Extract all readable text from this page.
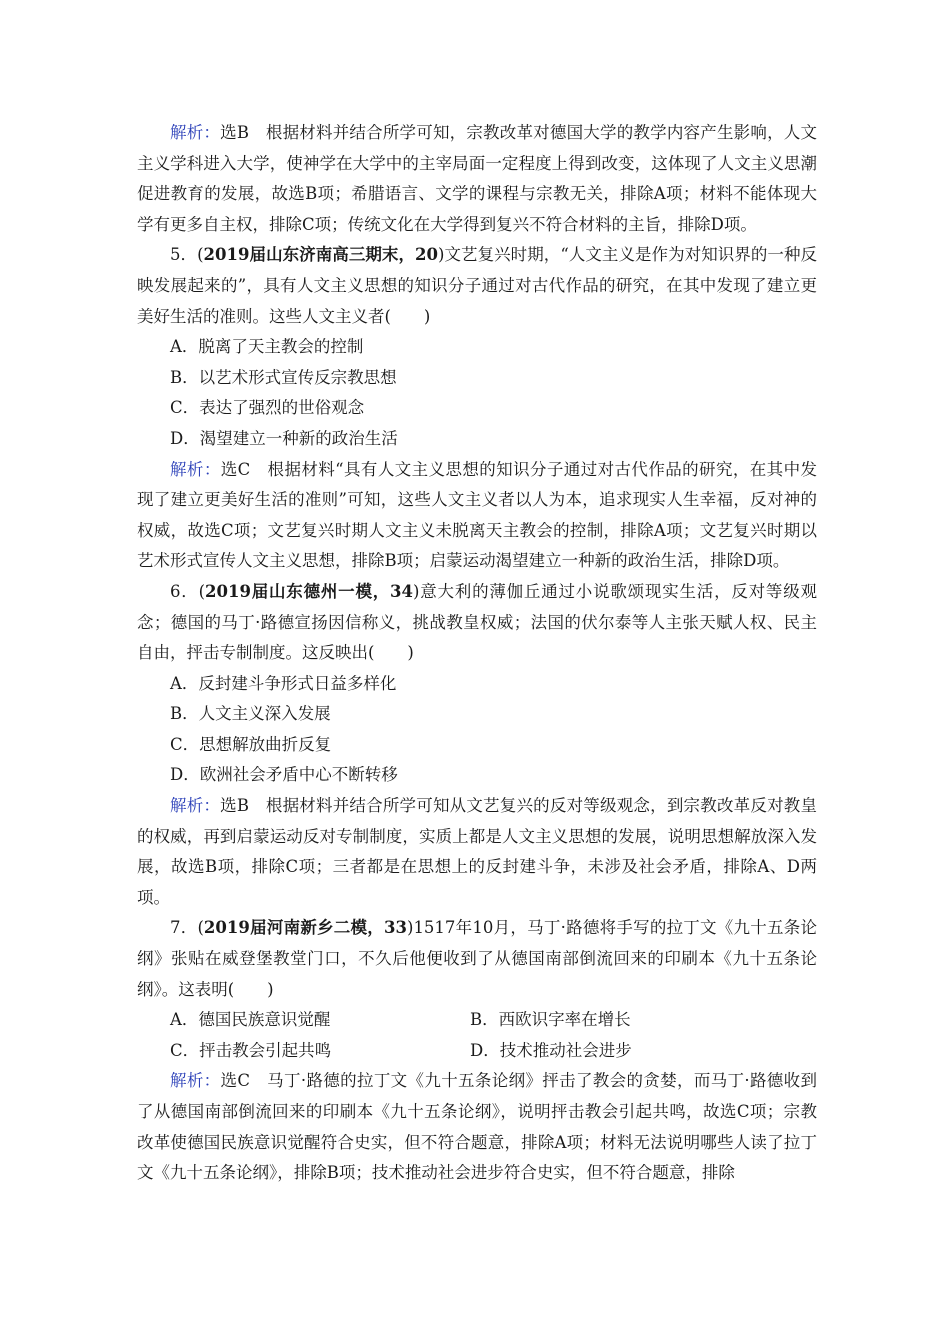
解析：选B　根据材料并结合所学可知，宗教改革对德国大学的教学内容产生影响，人文主义学科进入大学，使神学在大学中的主宰局面一定程度上得到改变，这体现了人文主义思潮促进教育的发展，故选B项；希腊语言、文学的课程与宗教无关，排除A项；材料不能体现大学有更多自主权，排除C项；传统文化在大学得到复兴不符合材料的主旨，排除D项。
5．(2019届山东济南高三期末，20)文艺复兴时期，“人文主义是作为对知识界的一种反映发展起来的”，具有人文主义思想的知识分子通过对古代作品的研究，在其中发现了建立更美好生活的准则。这些人文主义者(　　)
A．脱离了天主教会的控制
B．以艺术形式宣传反宗教思想
C．表达了强烈的世俗观念
D．渴望建立一种新的政治生活
解析：选C　根据材料“具有人文主义思想的知识分子通过对古代作品的研究，在其中发现了建立更美好生活的准则”可知，这些人文主义者以人为本，追求现实人生幸福，反对神的权威，故选C项；文艺复兴时期人文主义未脱离天主教会的控制，排除A项；文艺复兴时期以艺术形式宣传人文主义思想，排除B项；启蒙运动渴望建立一种新的政治生活，排除D项。
6．(2019届山东德州一模，34)意大利的薄伽丘通过小说歌颂现实生活，反对等级观念；德国的马丁·路德宣扬因信称义，挑战教皇权威；法国的伏尔泰等人主张天赋人权、民主自由，抨击专制制度。这反映出(　　)
A．反封建斗争形式日益多样化
B．人文主义深入发展
C．思想解放曲折反复
D．欧洲社会矛盾中心不断转移
解析：选B　根据材料并结合所学可知从文艺复兴的反对等级观念，到宗教改革反对教皇的权威，再到启蒙运动反对专制制度，实质上都是人文主义思想的发展，说明思想解放深入发展，故选B项，排除C项；三者都是在思想上的反封建斗争，未涉及社会矛盾，排除A、D两项。
7．(2019届河南新乡二模，33)1517年10月，马丁·路德将手写的拉丁文《九十五条论纲》张贴在威登堡教堂门口，不久后他便收到了从德国南部倒流回来的印刷本《九十五条论纲》。这表明(　　)
A．德国民族意识觉醒	B．西欧识字率在增长
C．抨击教会引起共鸣	D．技术推动社会进步
解析：选C　马丁·路德的拉丁文《九十五条论纲》抨击了教会的贪婪，而马丁·路德收到了从德国南部倒流回来的印刷本《九十五条论纲》，说明抨击教会引起共鸣，故选C项；宗教改革使德国民族意识觉醒符合史实，但不符合题意，排除A项；材料无法说明哪些人读了拉丁文《九十五条论纲》，排除B项；技术推动社会进步符合史实，但不符合题意，排除
